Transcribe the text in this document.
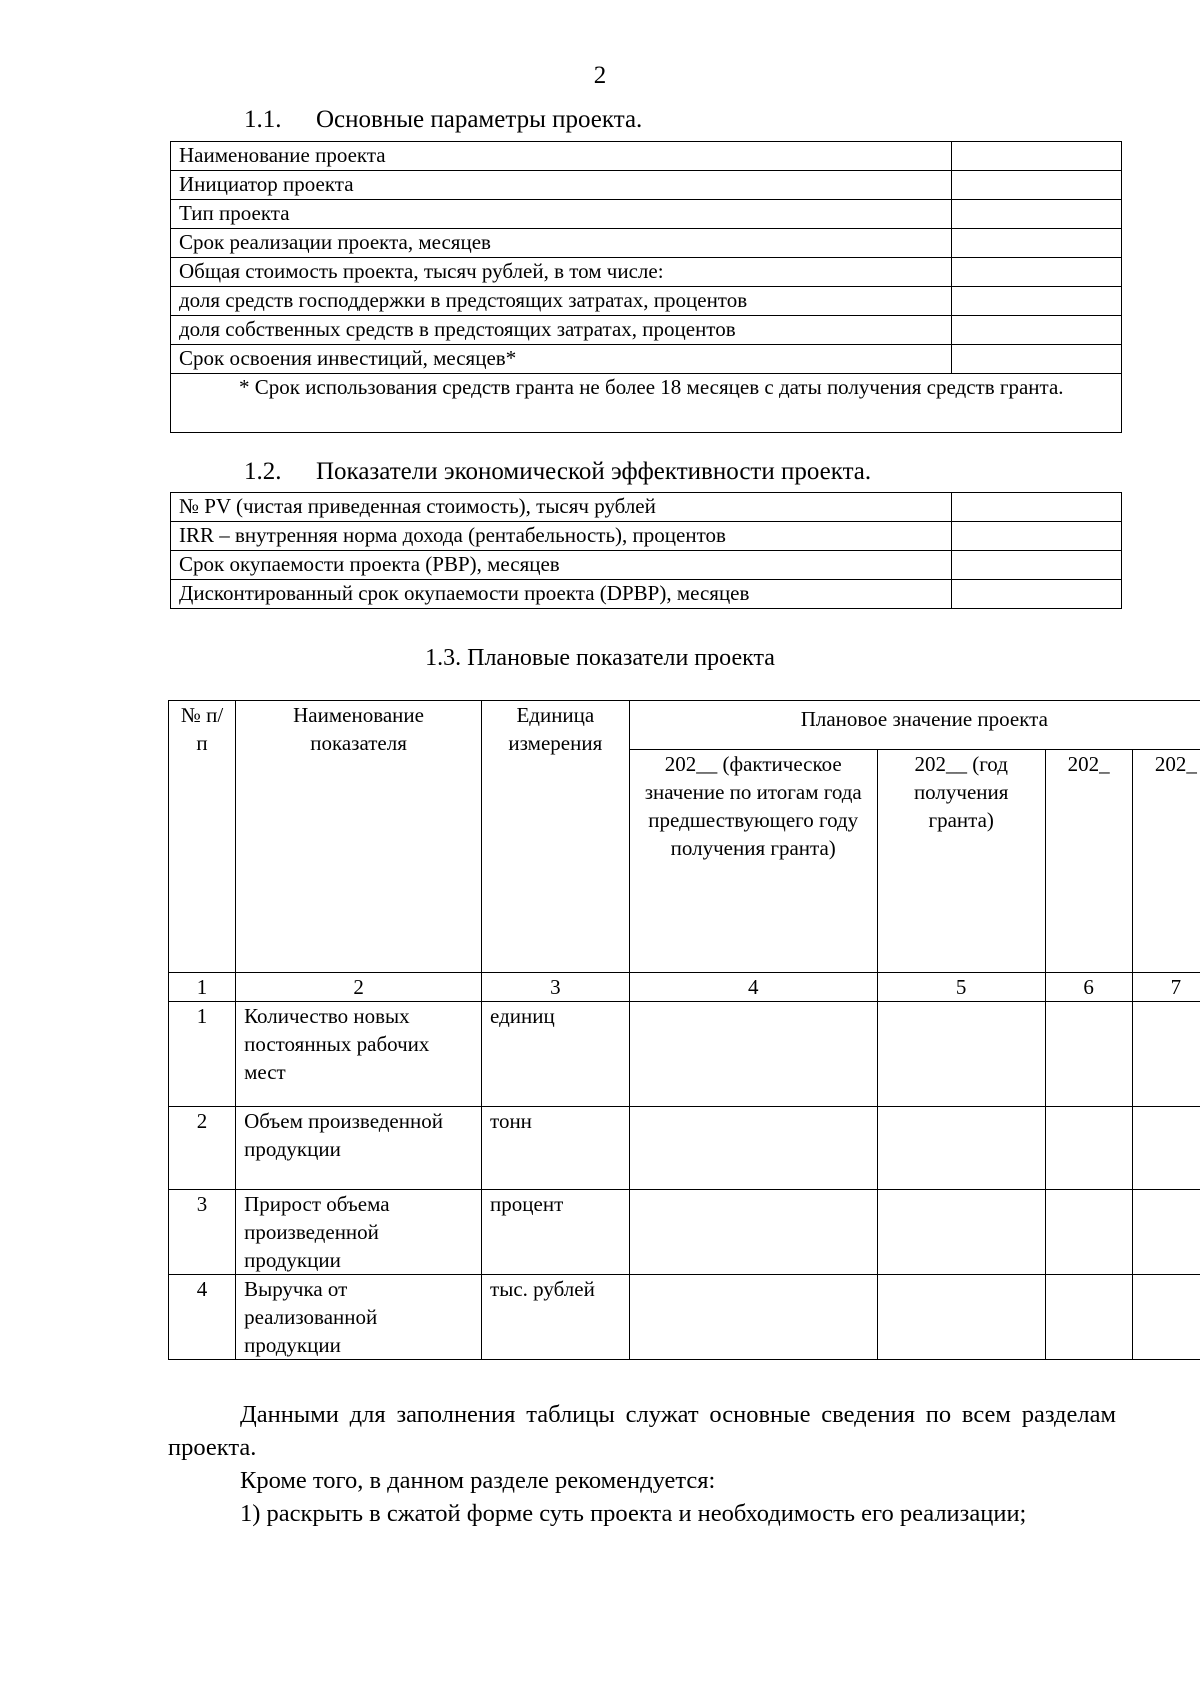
2
1.1. Основные параметры проекта.
Наименование проекта	
Инициатор проекта	
Тип проекта	
Срок реализации проекта, месяцев	
Общая стоимость проекта, тысяч рублей, в том числе:	
доля средств господдержки в предстоящих затратах, процентов	
доля собственных средств в предстоящих затратах, процентов	
Срок освоения инвестиций, месяцев*	
* Срок использования средств гранта не более 18 месяцев с даты получения средств гранта.	
1.2. Показатели экономической эффективности проекта.
№ PV (чистая приведенная стоимость), тысяч рублей	
IRR – внутренняя норма дохода (рентабельность), процентов	
Срок окупаемости проекта (PBP), месяцев	
Дисконтированный срок окупаемости проекта (DPBP), месяцев	
1.3. Плановые показатели проекта
№ п/п	Наименование показателя	Единица измерения	Плановое значение проекта			
			202__ (фактическое значение по итогам года предшествующего году получения гранта)	202__ (год получения гранта)	202_	202_
1	2	3	4	5	6	7
1	Количество новых постоянных рабочих мест	единиц				
2	Объем произведенной продукции	тонн				
3	Прирост объема произведенной продукции	процент				
4	Выручка от реализованной продукции	тыс. рублей				
Данными для заполнения таблицы служат основные сведения по всем разделам проекта.
Кроме того, в данном разделе рекомендуется:
1) раскрыть в сжатой форме суть проекта и необходимость его реализации;
